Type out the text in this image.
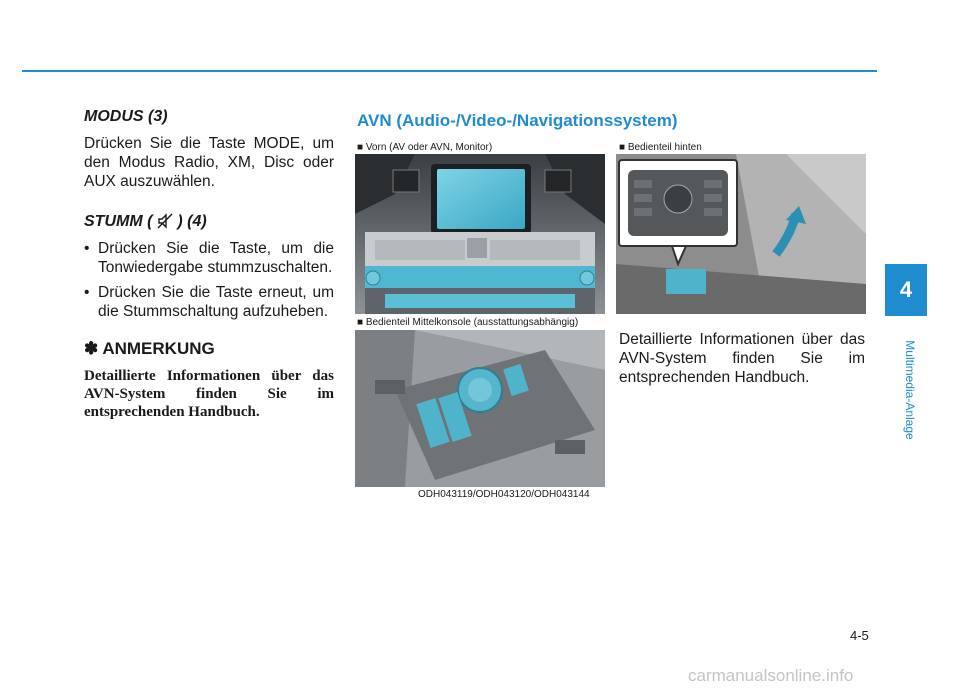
MODUS (3)

Drücken Sie die Taste MODE, um den Modus Radio, XM, Disc oder AUX auszuwählen.

STUMM ( ) (4)
• Drücken Sie die Taste, um die Tonwiedergabe stummzuschalten.
• Drücken Sie die Taste erneut, um die Stummschaltung aufzuheben.
✽ ANMERKUNG

Detaillierte Informationen über das AVN-System finden Sie im entsprechenden Handbuch.

AVN (Audio-/Video-/Navigationssystem)
■ Vorn (AV oder AVN, Monitor)	■ Bedienteil hinten
■ Bedienteil Mittelkonsole (ausstattungsabhängig)

Detaillierte Informationen über das AVN-System finden Sie im entsprechenden Handbuch.

ODH043119/ODH043120/ODH043144
4
Multimedia-Anlage
4-5
carmanualsonline.info
